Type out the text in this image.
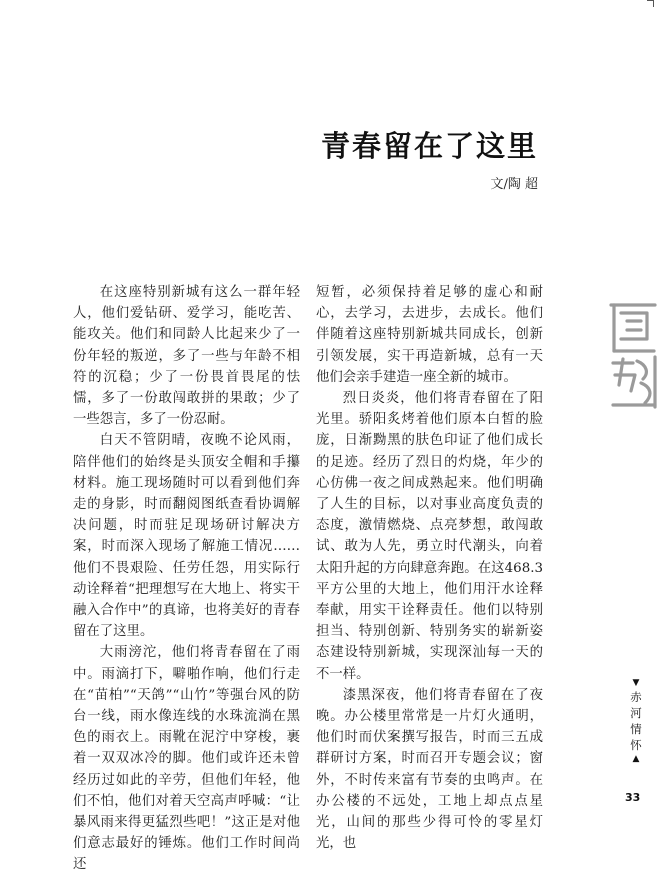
青春留在了这里
文/陶 超

在这座特别新城有这么一群年轻人，他们爱钻研、爱学习，能吃苦、能攻关。他们和同龄人比起来少了一份年轻的叛逆，多了一些与年龄不相符的沉稳；少了一份畏首畏尾的怯懦，多了一份敢闯敢拼的果敢；少了一些怨言，多了一份忍耐。

白天不管阴晴，夜晚不论风雨，陪伴他们的始终是头顶安全帽和手攥材料。施工现场随时可以看到他们奔走的身影，时而翻阅图纸查看协调解决问题，时而驻足现场研讨解决方案，时而深入现场了解施工情况……他们不畏艰险、任劳任怨，用实际行动诠释着“把理想写在大地上、将实干融入合作中”的真谛，也将美好的青春留在了这里。

大雨滂沱，他们将青春留在了雨中。雨滴打下，噼啪作响，他们行走在“苗柏”“天鸽”“山竹”等强台风的防台一线，雨水像连线的水珠流淌在黑色的雨衣上。雨靴在泥泞中穿梭，裹着一双双冰冷的脚。他们或许还未曾经历过如此的辛劳，但他们年轻，他们不怕，他们对着天空高声呼喊：“让暴风雨来得更猛烈些吧！”这正是对他们意志最好的锤炼。他们工作时间尚还

短暂，必须保持着足够的虚心和耐心，去学习，去进步，去成长。他们伴随着这座特别新城共同成长，创新引领发展，实干再造新城，总有一天他们会亲手建造一座全新的城市。

烈日炎炎，他们将青春留在了阳光里。骄阳炙烤着他们原本白皙的脸庞，日渐黝黑的肤色印证了他们成长的足迹。经历了烈日的灼烧，年少的心仿佛一夜之间成熟起来。他们明确了人生的目标，以对事业高度负责的态度，激情燃烧、点亮梦想，敢闯敢试、敢为人先，勇立时代潮头，向着太阳升起的方向肆意奔跑。在这468.3平方公里的大地上，他们用汗水诠释奉献，用实干诠释责任。他们以特别担当、特别创新、特别务实的崭新姿态建设特别新城，实现深汕每一天的不一样。

漆黑深夜，他们将青春留在了夜晚。办公楼里常常是一片灯火通明，他们时而伏案撰写报告，时而三五成群研讨方案，时而召开专题会议；窗外，不时传来富有节奏的虫鸣声。在办公楼的不远处，工地上却点点星光，山间的那些少得可怜的零星灯光，也

▼
赤
河
情
怀
▲
33
